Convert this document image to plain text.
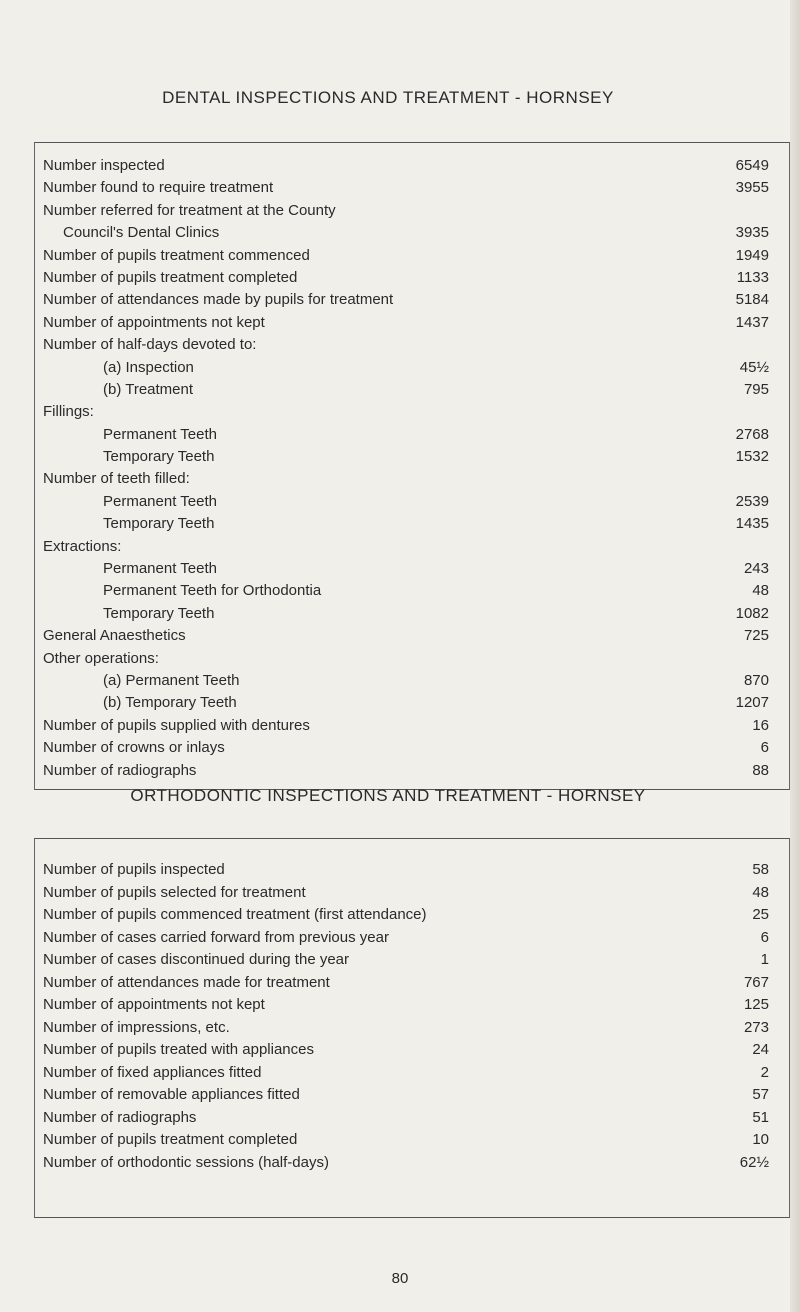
DENTAL INSPECTIONS AND TREATMENT - HORNSEY
Number inspected	6549
Number found to require treatment	3955
Number referred for treatment at the County
Council's Dental Clinics	3935
Number of pupils treatment commenced	1949
Number of pupils treatment completed	1133
Number of attendances made by pupils for treatment	5184
Number of appointments not kept	1437
Number of half-days devoted to:
(a) Inspection	45½
(b) Treatment	795
Fillings:
Permanent Teeth	2768
Temporary Teeth	1532
Number of teeth filled:
Permanent Teeth	2539
Temporary Teeth	1435
Extractions:
Permanent Teeth	243
Permanent Teeth for Orthodontia	48
Temporary Teeth	1082
General Anaesthetics	725
Other operations:
(a) Permanent Teeth	870
(b) Temporary Teeth	1207
Number of pupils supplied with dentures	16
Number of crowns or inlays	6
Number of radiographs	88
ORTHODONTIC INSPECTIONS AND TREATMENT - HORNSEY
Number of pupils inspected	58
Number of pupils selected for treatment	48
Number of pupils commenced treatment (first attendance)	25
Number of cases carried forward from previous year	6
Number of cases discontinued during the year	1
Number of attendances made for treatment	767
Number of appointments not kept	125
Number of impressions, etc.	273
Number of pupils treated with appliances	24
Number of fixed appliances fitted	2
Number of removable appliances fitted	57
Number of radiographs	51
Number of pupils treatment completed	10
Number of orthodontic sessions (half-days)	62½
80
